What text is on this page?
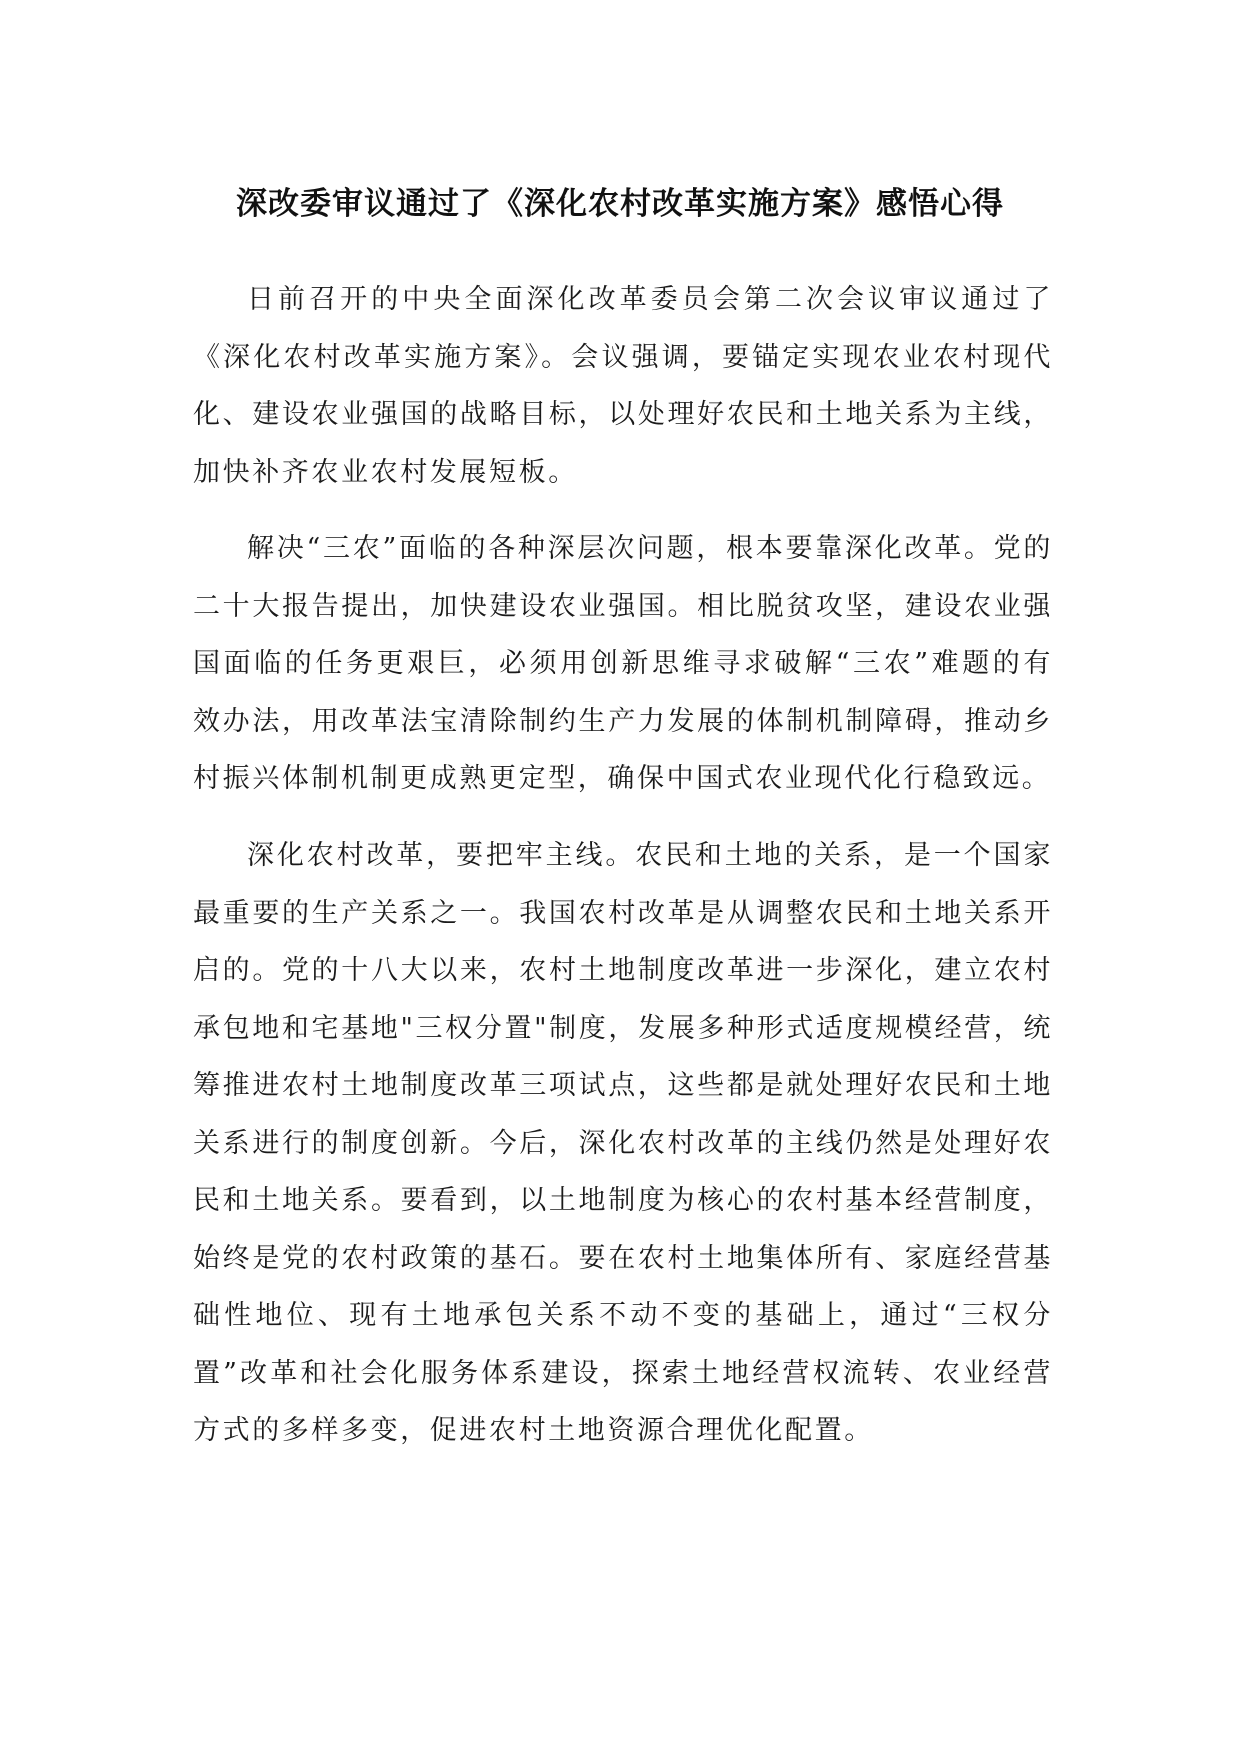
深改委审议通过了《深化农村改革实施方案》感悟心得

日前召开的中央全面深化改革委员会第二次会议审议通过了《深化农村改革实施方案》。会议强调，要锚定实现农业农村现代化、建设农业强国的战略目标，以处理好农民和土地关系为主线，加快补齐农业农村发展短板。

解决“三农”面临的各种深层次问题，根本要靠深化改革。党的二十大报告提出，加快建设农业强国。相比脱贫攻坚，建设农业强国面临的任务更艰巨，必须用创新思维寻求破解“三农”难题的有效办法，用改革法宝清除制约生产力发展的体制机制障碍，推动乡村振兴体制机制更成熟更定型，确保中国式农业现代化行稳致远。

深化农村改革，要把牢主线。农民和土地的关系，是一个国家最重要的生产关系之一。我国农村改革是从调整农民和土地关系开启的。党的十八大以来，农村土地制度改革进一步深化，建立农村承包地和宅基地"三权分置"制度，发展多种形式适度规模经营，统筹推进农村土地制度改革三项试点，这些都是就处理好农民和土地关系进行的制度创新。今后，深化农村改革的主线仍然是处理好农民和土地关系。要看到，以土地制度为核心的农村基本经营制度，始终是党的农村政策的基石。要在农村土地集体所有、家庭经营基础性地位、现有土地承包关系不动不变的基础上，通过“三权分置”改革和社会化服务体系建设，探索土地经营权流转、农业经营方式的多样多变，促进农村土地资源合理优化配置。
